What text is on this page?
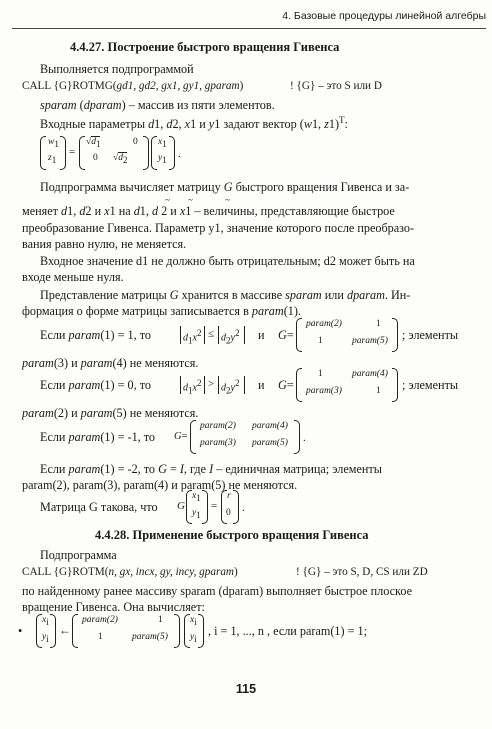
4. Базовые процедуры линейной алгебры
4.4.27. Построение быстрого вращения Гивенса
Выполняется подпрограммой
CALL {G}ROTMG(gd1, gd2, gx1, gy1, gparam)	! {G} – это S или D
sparam (dparam) – массив из пяти элементов.
Входные параметры d1, d2, x1 и y1 задают вектор (w1, z1)$^T$:
$w_1$
$z_1$
=
$√d_1$	0
0 $√d_2$
$x_1$
$y_1$ .
Подпрограмма вычисляет матрицу G быстрого вращения Гивенса и за-
меняет d1, d2 и x1 на d1, d 2 и x1 – величины, представляющие быстрое
~ ~	~
преобразование Гивенса. Параметр y1, значение которого после преобразо-
вания равно нулю, не меняется.
Входное значение d1 не должно быть отрицательным; d2 может быть на
входе меньше нуля.
Представление матрицы G хранится в массиве sparam или dparam. Ин-
формация о форме матрицы записывается в param(1).
Если param(1) = 1, то	$d_1x^2 \le d_2y^2$ и G=
param(2)	1
1	param(5) ; элементы
param(3) и param(4) не меняются.
Если param(1) = 0, то	$d_1x^2 > d_2y^2$ и G=
1	param(4)
param(3)	1 ; элементы
param(2) и param(5) не меняются.
Если param(1) = -1, то G=
param(2) param(4)
param(3) param(5) .
Если param(1) = -2, то G = I, где I – единичная матрица; элементы
param(2), param(3), param(4) и param(5) не меняются.
Матрица G такова, что G
$x_1$
$y_1$
=
r
0 .
4.4.28. Применение быстрого вращения Гивенса
Подпрограмма
CALL {G}ROTM(n, gx, incx, gy, incy, gparam)	! {G} – это S, D, CS или ZD
по найденному ранее массиву sparam (dparam) выполняет быстрое плоское
вращение Гивенса. Она вычисляет:
•
$x_i$
$y_i$
←
param(2)	1
1	param(5)
$x_i$
$y_i$
, i = 1, ..., n , если param(1) = 1;
115
